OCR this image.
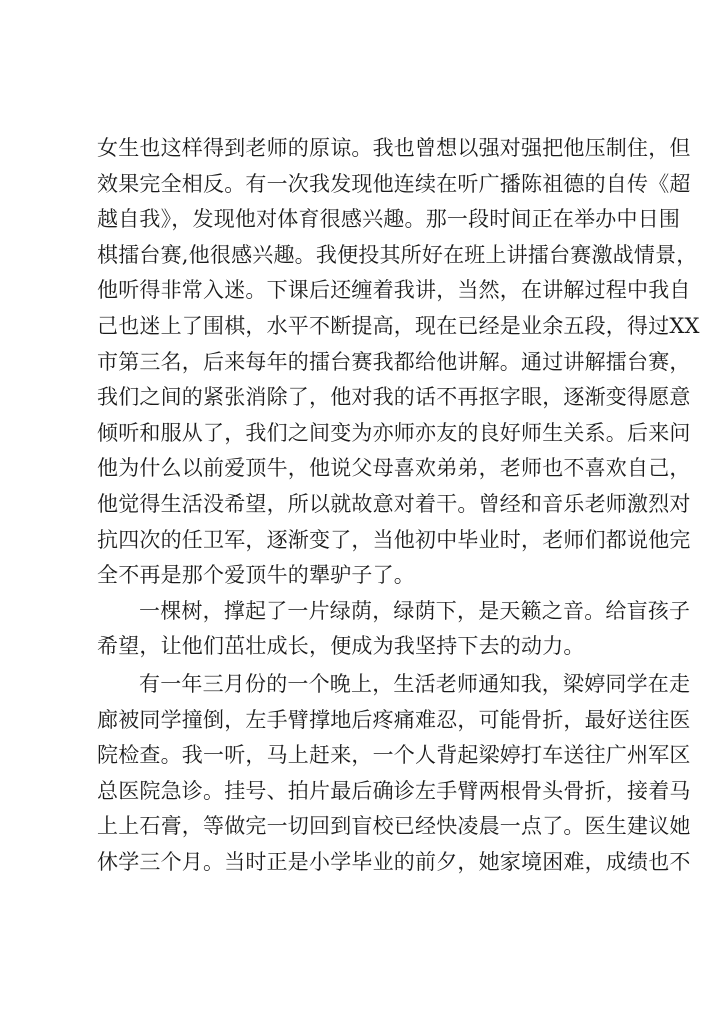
女生也这样得到老师的原谅。我也曾想以强对强把他压制住，但
效果完全相反。有一次我发现他连续在听广播陈祖德的自传《超
越自我》，发现他对体育很感兴趣。那一段时间正在举办中日围
棋擂台赛,他很感兴趣。我便投其所好在班上讲擂台赛激战情景，
他听得非常入迷。下课后还缠着我讲，当然，在讲解过程中我自
己也迷上了围棋，水平不断提高，现在已经是业余五段，得过XX
市第三名，后来每年的擂台赛我都给他讲解。通过讲解擂台赛，
我们之间的紧张消除了，他对我的话不再抠字眼，逐渐变得愿意
倾听和服从了，我们之间变为亦师亦友的良好师生关系。后来问
他为什么以前爱顶牛，他说父母喜欢弟弟，老师也不喜欢自己，
他觉得生活没希望，所以就故意对着干。曾经和音乐老师激烈对
抗四次的任卫军，逐渐变了，当他初中毕业时，老师们都说他完
全不再是那个爱顶牛的犟驴子了。

一棵树，撑起了一片绿荫，绿荫下，是天籁之音。给盲孩子
希望，让他们茁壮成长，便成为我坚持下去的动力。

有一年三月份的一个晚上，生活老师通知我，梁婷同学在走
廊被同学撞倒，左手臂撑地后疼痛难忍，可能骨折，最好送往医
院检查。我一听，马上赶来，一个人背起梁婷打车送往广州军区
总医院急诊。挂号、拍片最后确诊左手臂两根骨头骨折，接着马
上上石膏，等做完一切回到盲校已经快凌晨一点了。医生建议她
休学三个月。当时正是小学毕业的前夕，她家境困难，成绩也不
